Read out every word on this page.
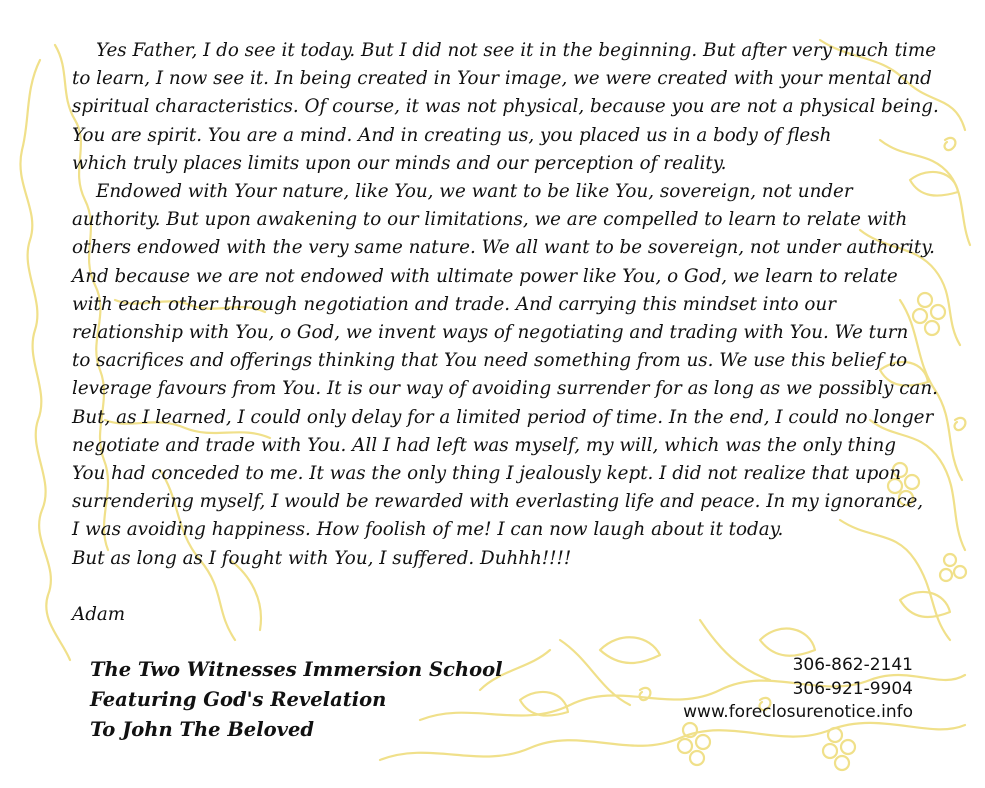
Yes Father, I do see it today. But I did not see it in the beginning. But after very much time
to learn, I now see it. In being created in Your image, we were created with your mental and
spiritual characteristics. Of course, it was not physical, because you are not a physical being.
You are spirit. You are a mind. And in creating us, you placed us in a body of flesh
which truly places limits upon our minds and our perception of reality.
Endowed with Your nature, like You, we want to be like You, sovereign, not under
authority. But upon awakening to our limitations, we are compelled to learn to relate with
others endowed with the very same nature. We all want to be sovereign, not under authority.
And because we are not endowed with ultimate power like You, o God, we learn to relate
with each other through negotiation and trade. And carrying this mindset into our
relationship with You, o God, we invent ways of negotiating and trading with You. We turn
to sacrifices and offerings thinking that You need something from us. We use this belief to
leverage favours from You. It is our way of avoiding surrender for as long as we possibly can.
But, as I learned, I could only delay for a limited period of time. In the end, I could no longer
negotiate and trade with You. All I had left was myself, my will, which was the only thing
You had conceded to me. It was the only thing I jealously kept. I did not realize that upon
surrendering myself, I would be rewarded with everlasting life and peace. In my ignorance,
I was avoiding happiness. How foolish of me! I can now laugh about it today.
But as long as I fought with You, I suffered. Duhhh!!!!
Adam
The Two Witnesses Immersion School
Featuring God's Revelation
To John The Beloved
306-862-2141
306-921-9904
www.foreclosurenotice.info
